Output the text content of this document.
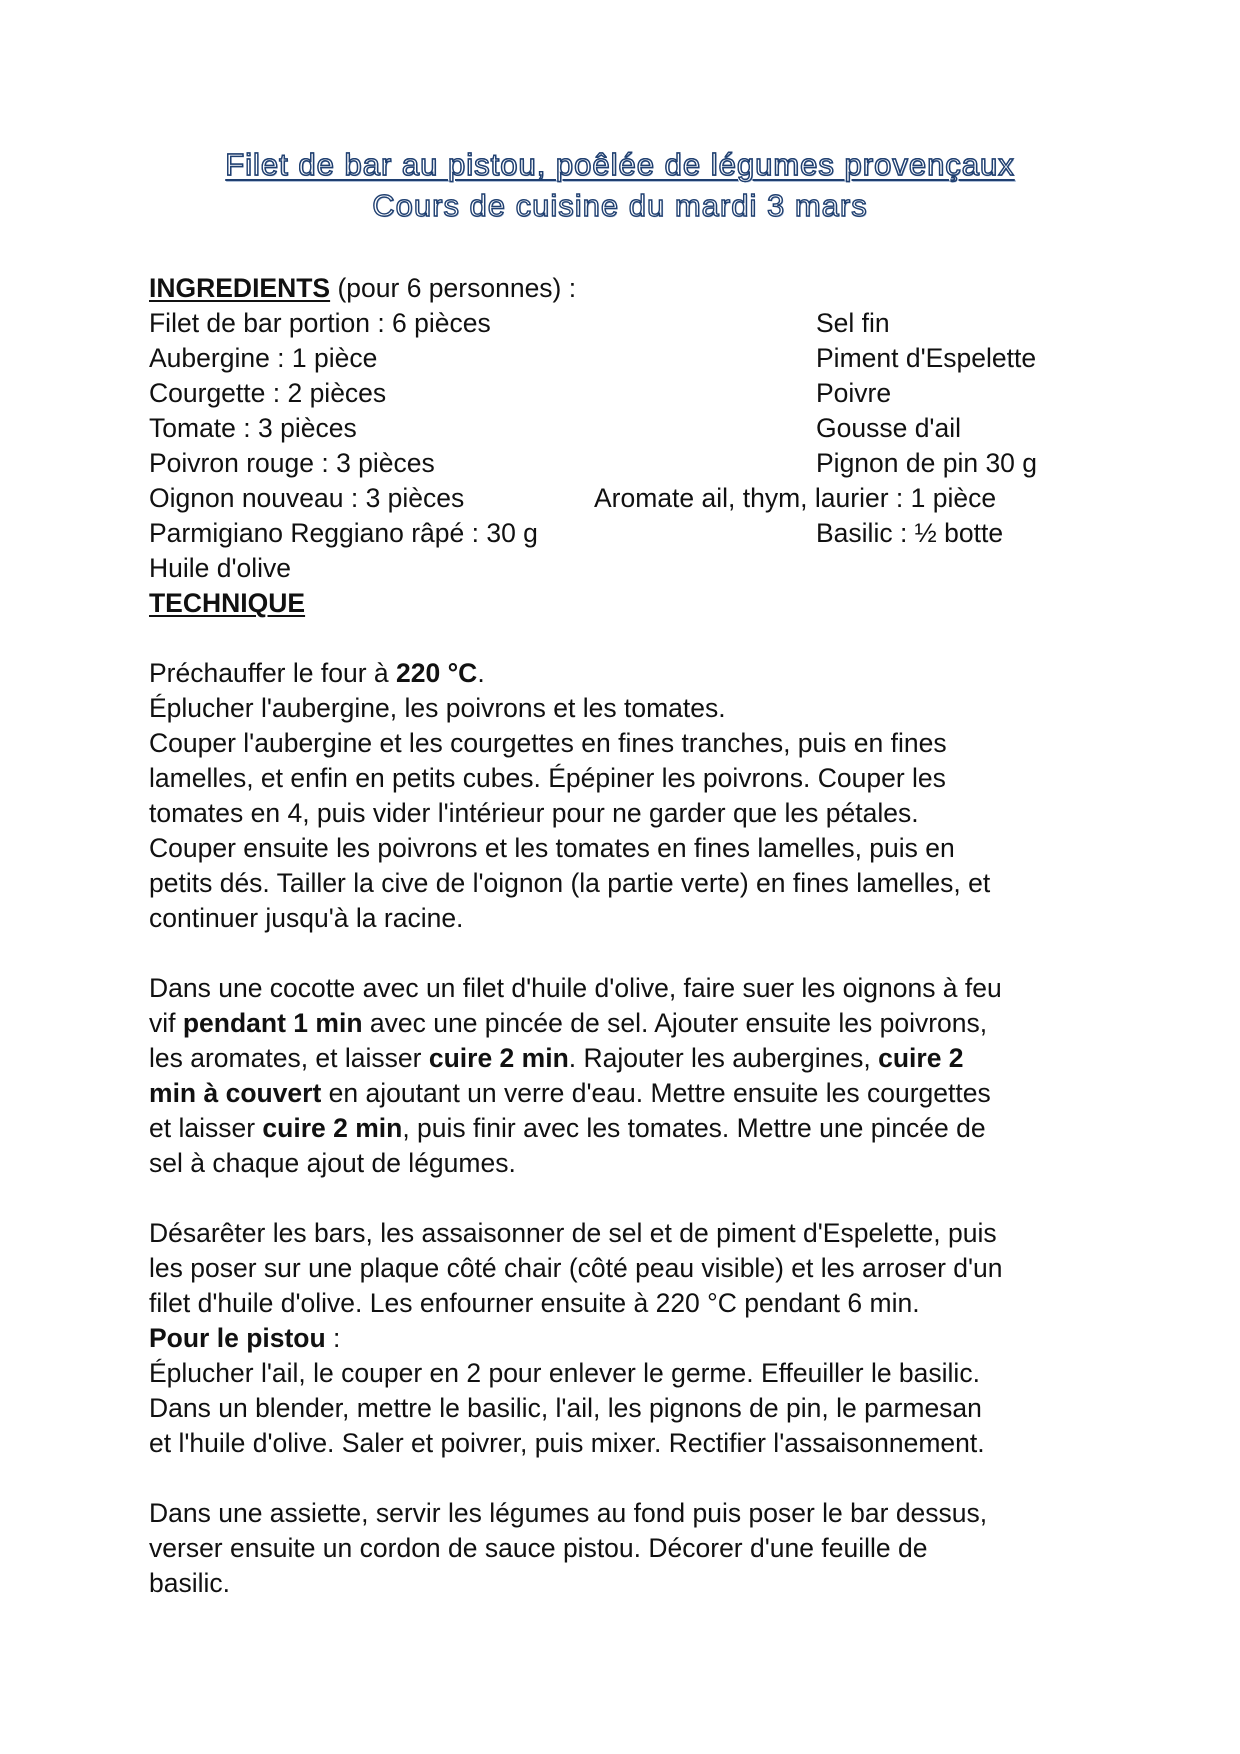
Filet de bar au pistou, poêlée de légumes provençaux
Cours de cuisine du mardi 3 mars
INGREDIENTS (pour 6 personnes) :
Filet de bar portion : 6 pièces
Aubergine : 1 pièce
Courgette : 2 pièces
Tomate : 3 pièces
Poivron rouge : 3 pièces
Oignon nouveau : 3 pièces
Parmigiano Reggiano râpé : 30 g
Huile d'olive
Sel fin
Piment d'Espelette
Poivre
Gousse d'ail
Pignon de pin 30 g
Aromate ail, thym, laurier : 1 pièce
Basilic : ½ botte
TECHNIQUE
Préchauffer le four à 220 °C.
Éplucher l'aubergine, les poivrons et les tomates.
Couper l'aubergine et les courgettes en fines tranches, puis en fines
lamelles, et enfin en petits cubes. Épépiner les poivrons. Couper les
tomates en 4, puis vider l'intérieur pour ne garder que les pétales.
Couper ensuite les poivrons et les tomates en fines lamelles, puis en
petits dés. Tailler la cive de l'oignon (la partie verte) en fines lamelles, et
continuer jusqu'à la racine.
Dans une cocotte avec un filet d'huile d'olive, faire suer les oignons à feu
vif pendant 1 min avec une pincée de sel. Ajouter ensuite les poivrons,
les aromates, et laisser cuire 2 min. Rajouter les aubergines, cuire 2
min à couvert en ajoutant un verre d'eau. Mettre ensuite les courgettes
et laisser cuire 2 min, puis finir avec les tomates. Mettre une pincée de
sel à chaque ajout de légumes.
Désarêter les bars, les assaisonner de sel et de piment d'Espelette, puis
les poser sur une plaque côté chair (côté peau visible) et les arroser d'un
filet d'huile d'olive. Les enfourner ensuite à 220 °C pendant 6 min.
Pour le pistou :
Éplucher l'ail, le couper en 2 pour enlever le germe. Effeuiller le basilic.
Dans un blender, mettre le basilic, l'ail, les pignons de pin, le parmesan
et l'huile d'olive. Saler et poivrer, puis mixer. Rectifier l'assaisonnement.
Dans une assiette, servir les légumes au fond puis poser le bar dessus,
verser ensuite un cordon de sauce pistou. Décorer d'une feuille de
basilic.
